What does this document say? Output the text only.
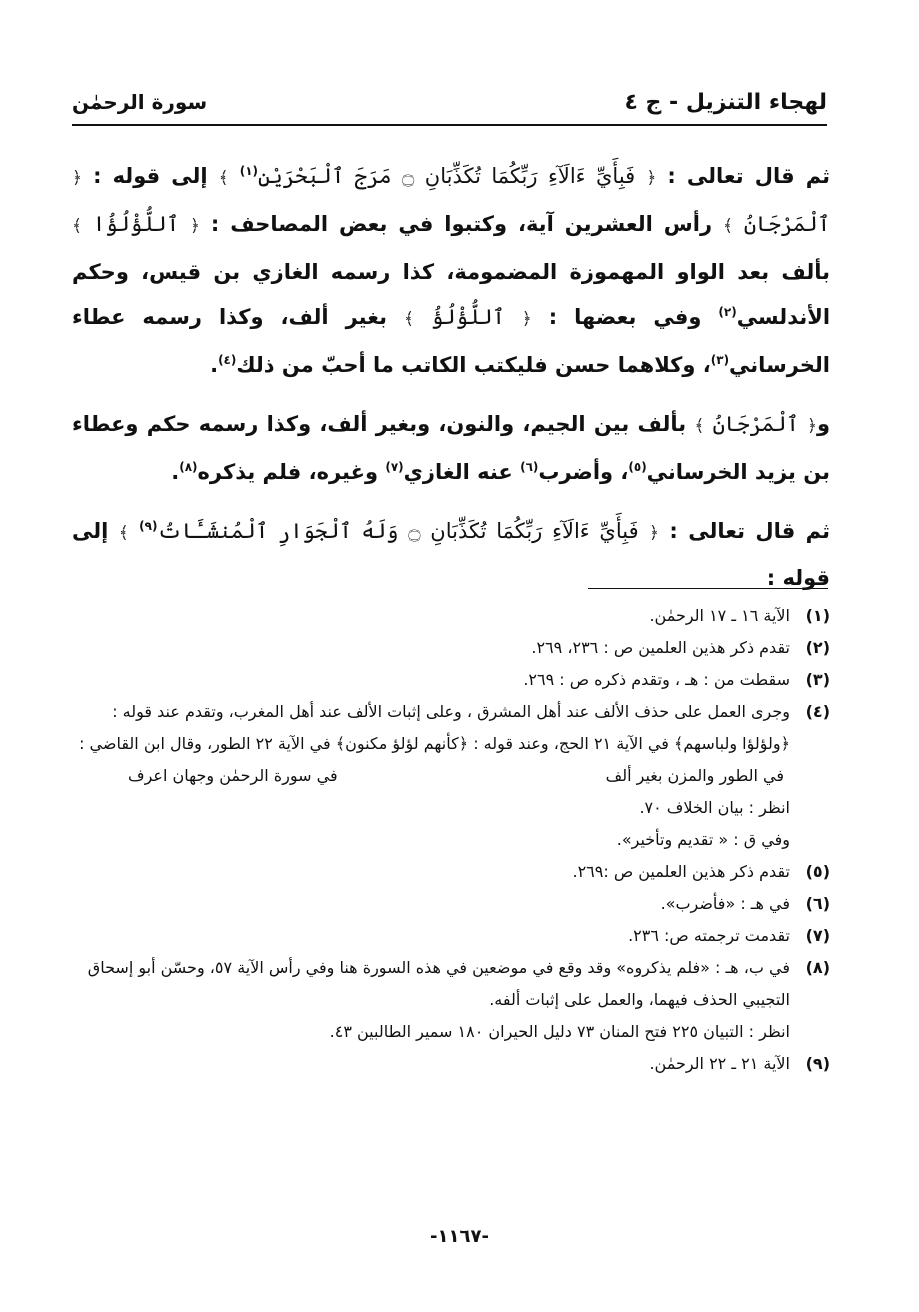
لهجاء التنزيل - ج ٤
سورة الرحمٰن

ثم قال تعالى : ﴿ فَبِأَيِّ ءَالَآءِ رَبِّكُمَا تُكَذِّبَانِ ۝ مَرَجَ ٱلْبَحْرَيْنِ$^{(١)}$ ﴾ إلى قوله : ﴿ ٱلْمَرْجَانُ ﴾ رأس العشرين آية، وكتبوا في بعض المصاحف : ﴿ ٱللُّؤْلُؤُا ﴾ بألف بعد الواو المهموزة المضمومة، كذا رسمه الغازي بن قيس، وحكم الأندلسي$^{(٢)}$ وفي بعضها : ﴿ ٱللُّؤْلُؤُ ﴾ بغير ألف، وكذا رسمه عطاء الخرساني$^{(٣)}$، وكلاهما حسن فليكتب الكاتب ما أحبّ من ذلك$^{(٤)}$.

و﴿ ٱلْمَرْجَانُ ﴾ بألف بين الجيم، والنون، وبغير ألف، وكذا رسمه حكم وعطاء بن يزيد الخرساني$^{(٥)}$، وأضرب$^{(٦)}$ عنه الغازي$^{(٧)}$ وغيره، فلم يذكره$^{(٨)}$.

ثم قال تعالى : ﴿ فَبِأَيِّ ءَالَآءِ رَبِّكُمَا تُكَذِّبَانِ ۝ وَلَهُ ٱلْجَوَارِ ٱلْمُنشَـَٔاتُ$^{(٩)}$ ﴾ إلى قوله :

(١)

الآية ١٦ ـ ١٧ الرحمٰن.

(٢)

تقدم ذكر هذين العلمين ص : ٢٣٦، ٢٦٩.

(٣)

سقطت من : هـ ، وتقدم ذكره ص : ٢٦٩.

(٤)

وجرى العمل على حذف الألف عند أهل المشرق ، وعلى إثبات الألف عند أهل المغرب، وتقدم عند قوله : ﴿ولؤلؤا ولباسهم﴾ في الآية ٢١ الحج، وعند قوله : ﴿كأنهم لؤلؤ مكنون﴾ في الآية ٢٢ الطور، وقال ابن القاضي :

في الطور والمزن بغير ألف
في سورة الرحمٰن وجهان اعرف

انظر : بيان الخلاف ٧٠.

وفي ق : « تقديم وتأخير».

(٥)

تقدم ذكر هذين العلمين ص :٢٦٩.

(٦)

في هـ : «فأضرب».

(٧)

تقدمت ترجمته ص: ٢٣٦.

(٨)

في ب، هـ : «فلم يذكروه» وقد وقع في موضعين في هذه السورة هنا وفي رأس الآية ٥٧، وحسّن أبو إسحاق التجيبي الحذف فيهما، والعمل على إثبات ألفه.

انظر : التبيان ٢٢٥ فتح المنان ٧٣ دليل الحيران ١٨٠ سمير الطالبين ٤٣.

(٩)

الآية ٢١ ـ ٢٢ الرحمٰن.

-١١٦٧-
